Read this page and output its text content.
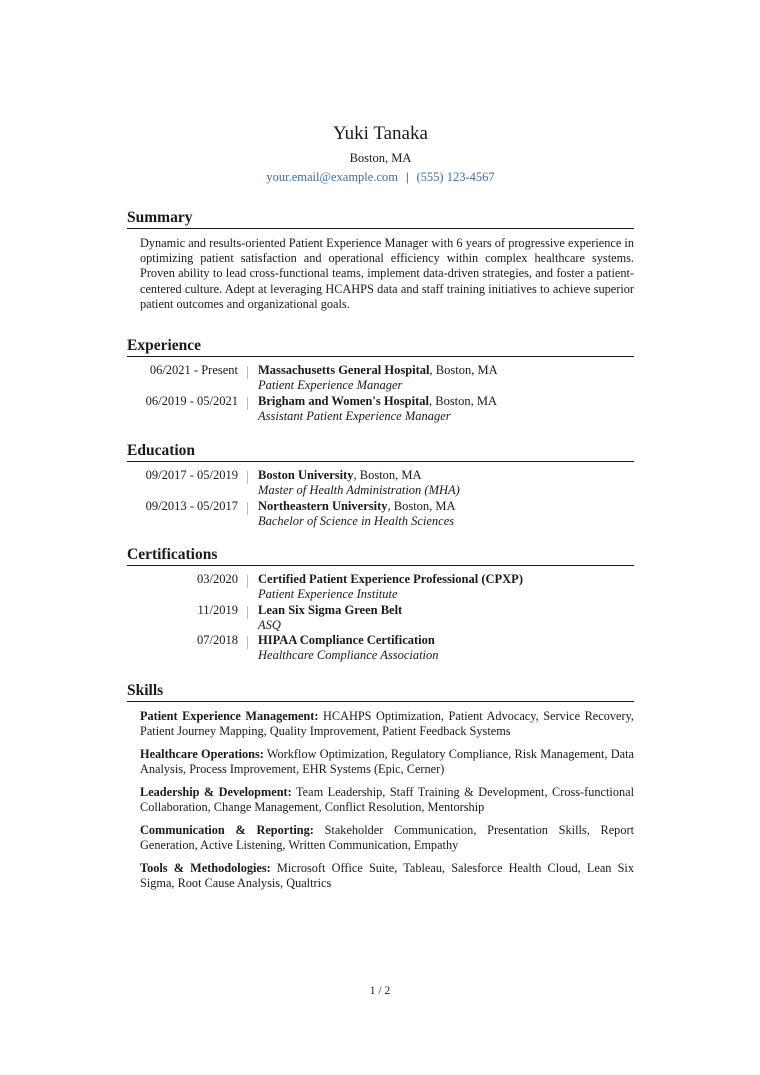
Yuki Tanaka
Boston, MA
your.email@example.com | (555) 123-4567
Summary
Dynamic and results-oriented Patient Experience Manager with 6 years of progressive experience in optimizing patient satisfaction and operational efficiency within complex healthcare systems. Proven ability to lead cross-functional teams, implement data-driven strategies, and foster a patient-centered culture. Adept at leveraging HCAHPS data and staff training initiatives to achieve superior patient outcomes and organizational goals.
Experience
06/2021 - Present Massachusetts General Hospital, Boston, MA
Patient Experience Manager
06/2019 - 05/2021 Brigham and Women's Hospital, Boston, MA
Assistant Patient Experience Manager
Education
09/2017 - 05/2019 Boston University, Boston, MA
Master of Health Administration (MHA)
09/2013 - 05/2017 Northeastern University, Boston, MA
Bachelor of Science in Health Sciences
Certifications
03/2020 Certified Patient Experience Professional (CPXP)
Patient Experience Institute
11/2019 Lean Six Sigma Green Belt
ASQ
07/2018 HIPAA Compliance Certification
Healthcare Compliance Association
Skills
Patient Experience Management: HCAHPS Optimization, Patient Advocacy, Service Recovery, Patient Journey Mapping, Quality Improvement, Patient Feedback Systems
Healthcare Operations: Workflow Optimization, Regulatory Compliance, Risk Management, Data Analysis, Process Improvement, EHR Systems (Epic, Cerner)
Leadership & Development: Team Leadership, Staff Training & Development, Cross-functional Collaboration, Change Management, Conflict Resolution, Mentorship
Communication & Reporting: Stakeholder Communication, Presentation Skills, Report Generation, Active Listening, Written Communication, Empathy
Tools & Methodologies: Microsoft Office Suite, Tableau, Salesforce Health Cloud, Lean Six Sigma, Root Cause Analysis, Qualtrics
1 / 2
